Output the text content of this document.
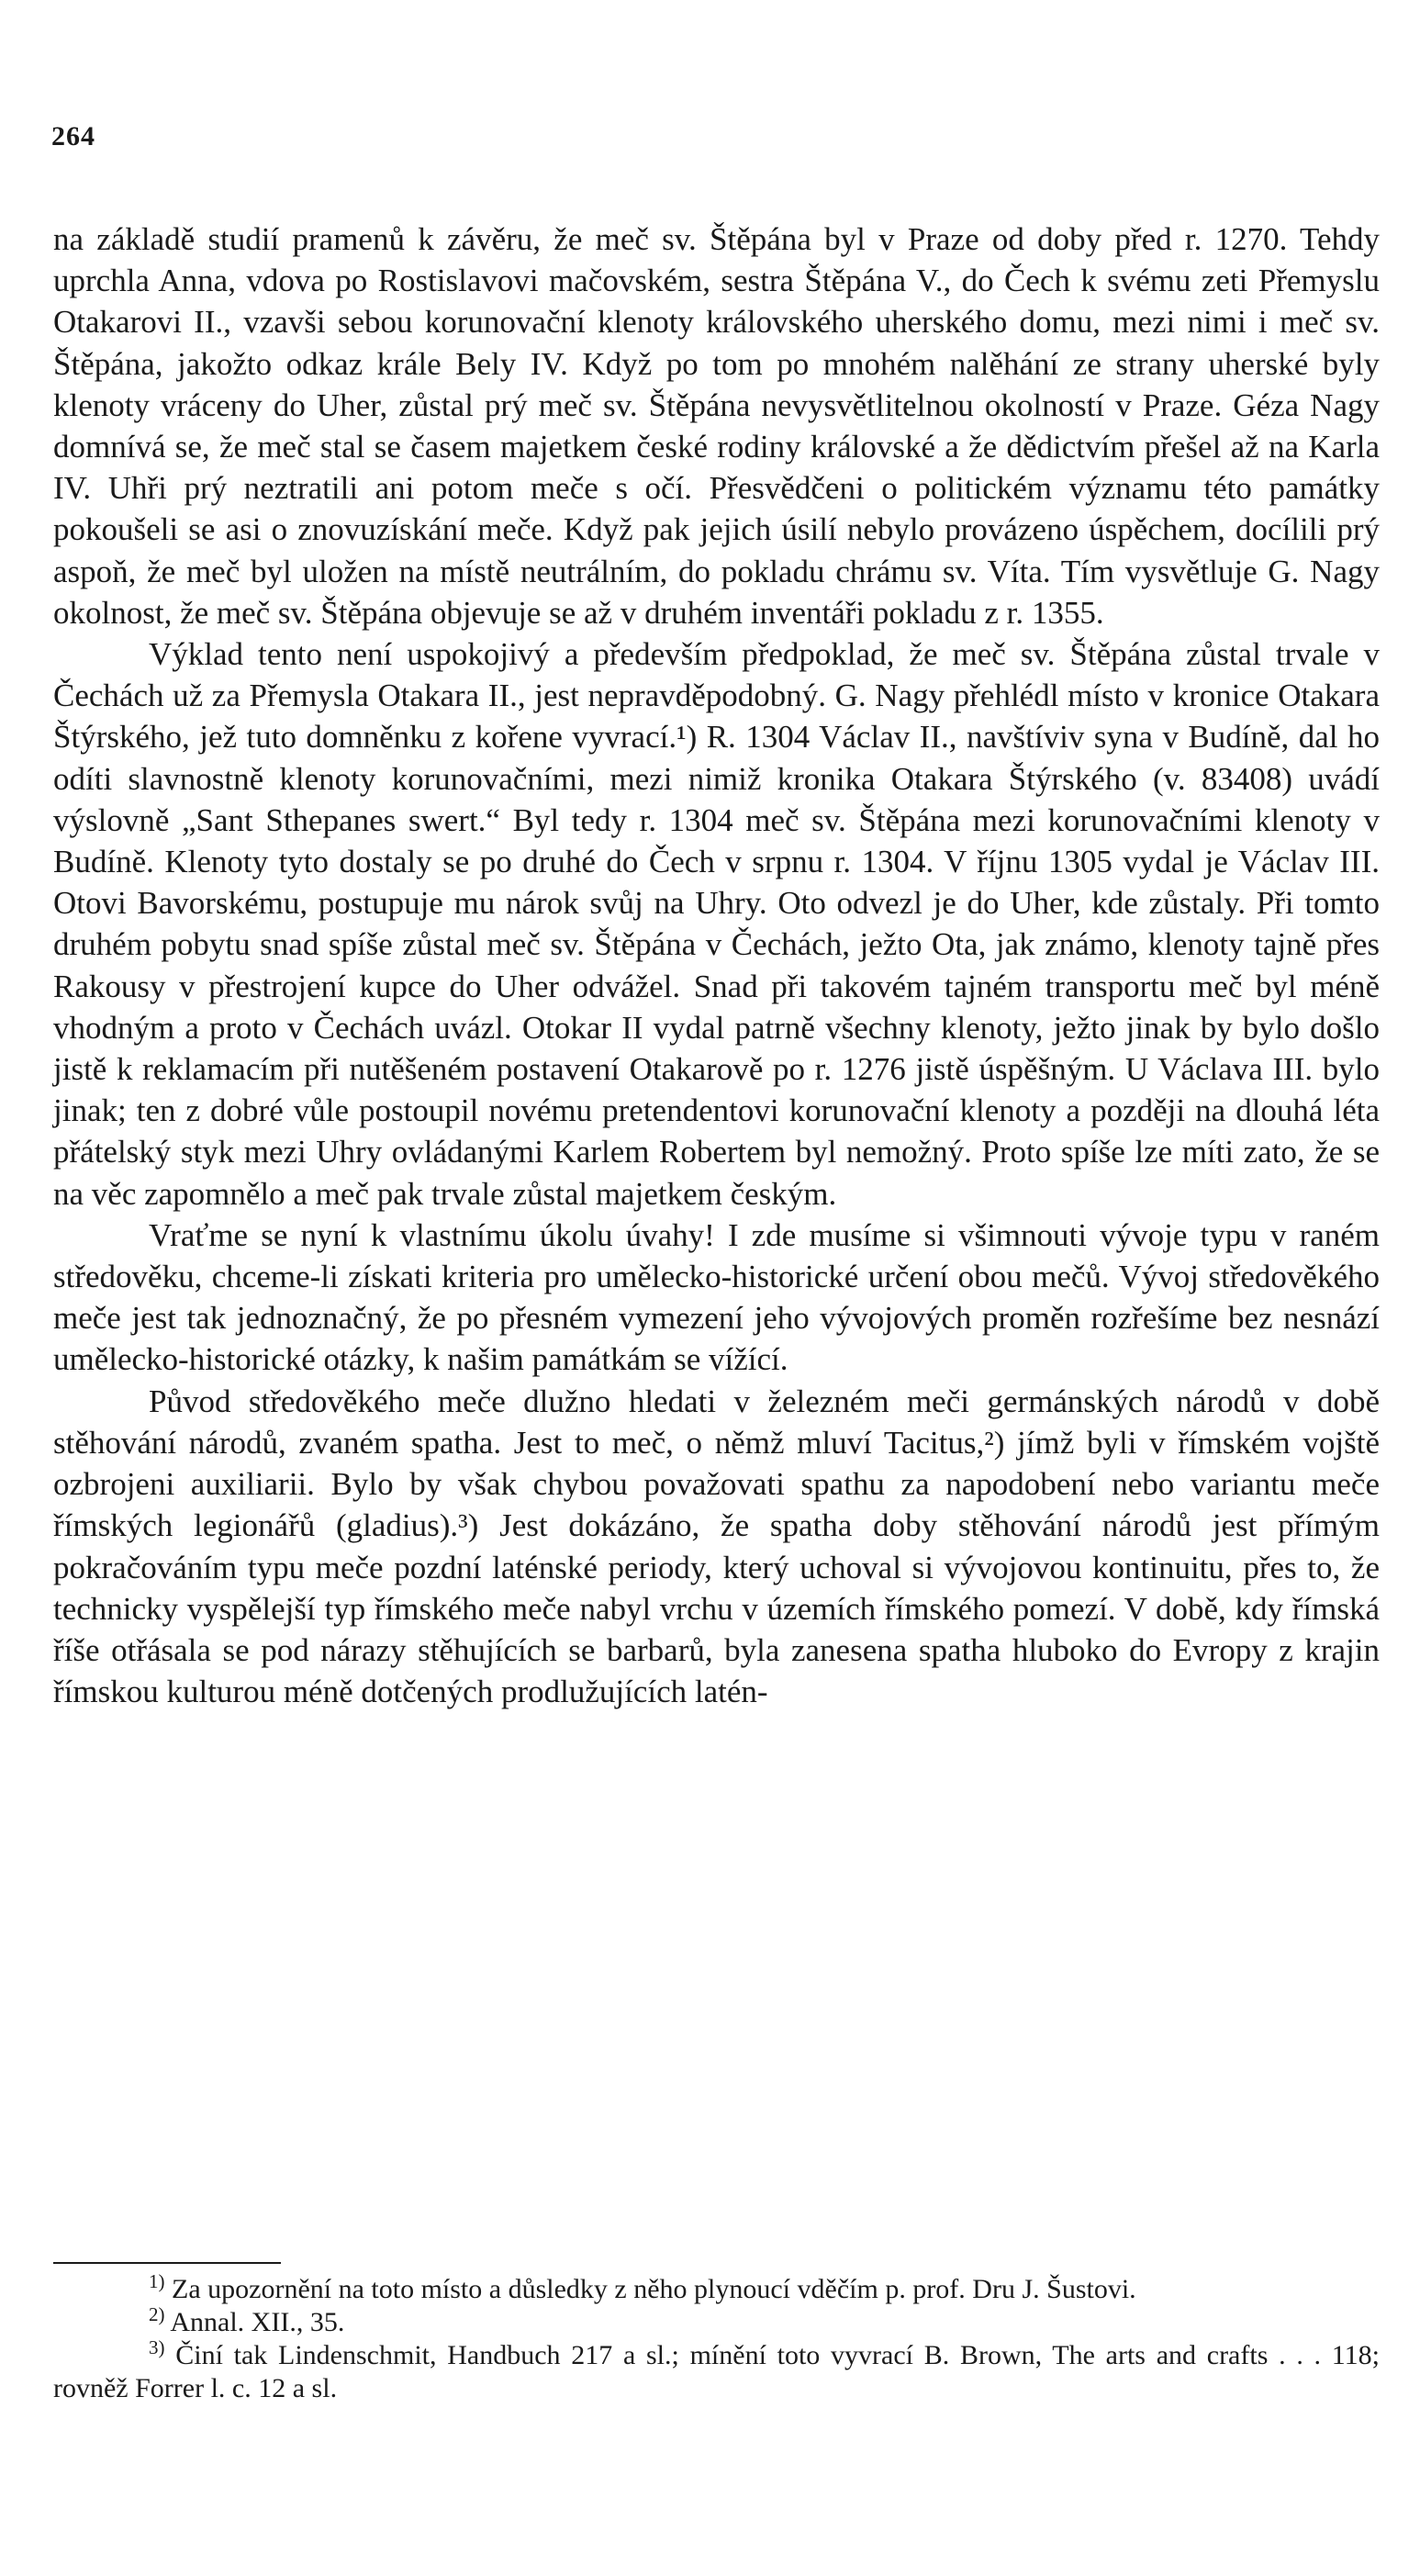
264

na základě studií pramenů k závěru, že meč sv. Štěpána byl v Praze od doby před r. 1270. Tehdy uprchla Anna, vdova po Rostislavovi mačovském, sestra Štěpána V., do Čech k svému zeti Přemyslu Otakarovi II., vzavši sebou korunovační klenoty královského uherského domu, mezi nimi i meč sv. Štěpána, jakožto odkaz krále Bely IV. Když po tom po mnohém nalěhání ze strany uherské byly klenoty vráceny do Uher, zůstal prý meč sv. Štěpána nevysvětlitelnou okolností v Praze. Géza Nagy domnívá se, že meč stal se časem majetkem české rodiny královské a že dědictvím přešel až na Karla IV. Uhři prý neztratili ani potom meče s očí. Přesvědčeni o politickém významu této památky pokoušeli se asi o znovuzískání meče. Když pak jejich úsilí nebylo provázeno úspěchem, docílili prý aspoň, že meč byl uložen na místě neutrálním, do pokladu chrámu sv. Víta. Tím vysvětluje G. Nagy okolnost, že meč sv. Štěpána objevuje se až v druhém inventáři pokladu z r. 1355.

Výklad tento není uspokojivý a především předpoklad, že meč sv. Štěpána zůstal trvale v Čechách už za Přemysla Otakara II., jest nepravděpodobný. G. Nagy přehlédl místo v kronice Otakara Štýrského, jež tuto domněnku z kořene vyvrací.¹) R. 1304 Václav II., navštíviv syna v Budíně, dal ho odíti slavnostně klenoty korunovačními, mezi nimiž kronika Otakara Štýrského (v. 83408) uvádí výslovně „Sant Sthepanes swert.“ Byl tedy r. 1304 meč sv. Štěpána mezi korunovačními klenoty v Budíně. Klenoty tyto dostaly se po druhé do Čech v srpnu r. 1304. V říjnu 1305 vydal je Václav III. Otovi Bavorskému, postupuje mu nárok svůj na Uhry. Oto odvezl je do Uher, kde zůstaly. Při tomto druhém pobytu snad spíše zůstal meč sv. Štěpána v Čechách, ježto Ota, jak známo, klenoty tajně přes Rakousy v přestrojení kupce do Uher odvážel. Snad při takovém tajném transportu meč byl méně vhodným a proto v Čechách uvázl. Otokar II vydal patrně všechny klenoty, ježto jinak by bylo došlo jistě k reklamacím při nutěšeném postavení Otakarově po r. 1276 jistě úspěšným. U Václava III. bylo jinak; ten z dobré vůle postoupil novému pretendentovi korunovační klenoty a později na dlouhá léta přátelský styk mezi Uhry ovládanými Karlem Robertem byl nemožný. Proto spíše lze míti zato, že se na věc zapomnělo a meč pak trvale zůstal majetkem českým.

Vraťme se nyní k vlastnímu úkolu úvahy! I zde musíme si všimnouti vývoje typu v raném středověku, chceme-li získati kriteria pro umělecko-historické určení obou mečů. Vývoj středověkého meče jest tak jednoznačný, že po přesném vymezení jeho vývojových proměn rozřešíme bez nesnází umělecko-historické otázky, k našim památkám se vížící.

Původ středověkého meče dlužno hledati v železném meči germánských národů v době stěhování národů, zvaném spatha. Jest to meč, o němž mluví Tacitus,²) jímž byli v římském vojště ozbrojeni auxiliarii. Bylo by však chybou považovati spathu za napodobení nebo variantu meče římských legionářů (gladius).³) Jest dokázáno, že spatha doby stěhování národů jest přímým pokračováním typu meče pozdní laténské periody, který uchoval si vývojovou kontinuitu, přes to, že technicky vyspělejší typ římského meče nabyl vrchu v územích římského pomezí. V době, kdy římská říše otřásala se pod nárazy stěhujících se barbarů, byla zanesena spatha hluboko do Evropy z krajin římskou kulturou méně dotčených prodlužujících latén-

$^{1)}$ Za upozornění na toto místo a důsledky z něho plynoucí vděčím p. prof. Dru J. Šustovi.

$^{2)}$ Annal. XII., 35.

$^{3)}$ Činí tak Lindenschmit, Handbuch 217 a sl.; mínění toto vyvrací B. Brown, The arts and crafts . . . 118; rovněž Forrer l. c. 12 a sl.
